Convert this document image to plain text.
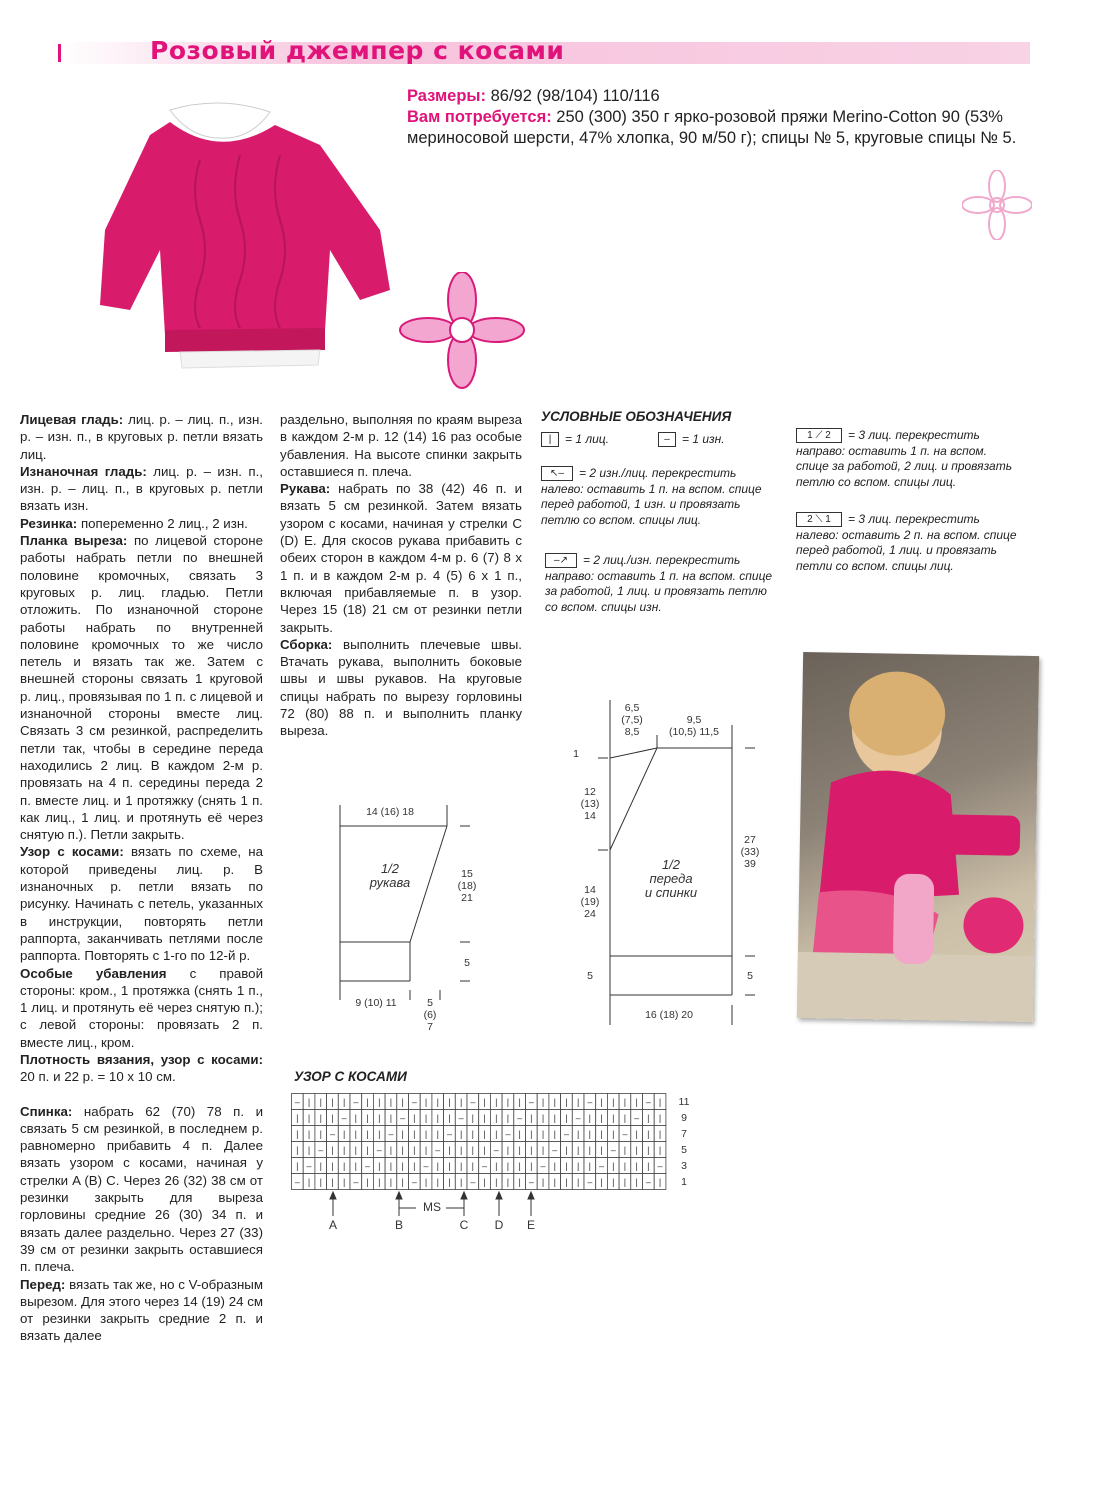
Розовый джемпер с косами
Размеры: 86/92 (98/104) 110/116
Вам потребуется: 250 (300) 350 г ярко-розовой пряжи Merino-Cotton 90 (53% мериносовой шерсти, 47% хлопка, 90 м/50 г); спицы № 5, круговые спицы № 5.

Лицевая гладь: лиц. р. – лиц. п., изн. р. – изн. п., в круговых р. петли вязать лиц.

Изнаночная гладь: лиц. р. – изн. п., изн. р. – лиц. п., в круговых р. петли вязать изн.

Резинка: попеременно 2 лиц., 2 изн.

Планка выреза: по лицевой стороне работы набрать петли по внешней половине кромочных, связать 3 круговых р. лиц. гладью. Петли отложить. По изнаночной стороне работы набрать по внутренней половине кромочных то же число петель и вязать так же. Затем с внешней стороны связать 1 круговой р. лиц., провязывая по 1 п. с лицевой и изнаночной стороны вместе лиц. Связать 3 см резинкой, распределить петли так, чтобы в середине переда находились 2 лиц. В каждом 2-м р. провязать на 4 п. середины переда 2 п. вместе лиц. и 1 протяжку (снять 1 п. как лиц., 1 лиц. и протянуть её через снятую п.). Петли закрыть.

Узор с косами: вязать по схеме, на которой приведены лиц. р. В изнаночных р. петли вязать по рисунку. Начинать с петель, указанных в инструкции, повторять петли раппорта, заканчивать петлями после раппорта. Повторять с 1-го по 12-й р.

Особые убавления с правой стороны: кром., 1 протяжка (снять 1 п., 1 лиц. и протянуть её через снятую п.); с левой стороны: провязать 2 п. вместе лиц., кром.

Плотность вязания, узор с косами: 20 п. и 22 р. = 10 x 10 см.

Спинка: набрать 62 (70) 78 п. и связать 5 см резинкой, в последнем р. равномерно прибавить 4 п. Далее вязать узором с косами, начиная у стрелки A (B) C. Через 26 (32) 38 см от резинки закрыть для выреза горловины средние 26 (30) 34 п. и вязать далее раздельно. Через 27 (33) 39 см от резинки закрыть оставшиеся п. плеча.

Перед: вязать так же, но с V-образным вырезом. Для этого через 14 (19) 24 см от резинки закрыть средние 2 п. и вязать далее

раздельно, выполняя по краям выреза в каждом 2-м р. 12 (14) 16 раз особые убавления. На высоте спинки закрыть оставшиеся п. плеча.

Рукава: набрать по 38 (42) 46 п. и вязать 5 см резинкой. Затем вязать узором с косами, начиная у стрелки C (D) E. Для скосов рукава прибавить с обеих сторон в каждом 4-м р. 6 (7) 8 x 1 п. и в каждом 2-м р. 4 (5) 6 x 1 п., включая прибавляемые п. в узор. Через 15 (18) 21 см от резинки петли закрыть.

Сборка: выполнить плечевые швы. Втачать рукава, выполнить боковые швы и швы рукавов. На круговые спицы набрать по вырезу горловины 72 (80) 88 п. и выполнить планку выреза.

УСЛОВНЫЕ ОБОЗНАЧЕНИЯ
| = 1 лиц.	– = 1 изн.
↖– = 2 изн./лиц. перекрестить налево: оставить 1 п. на вспом. спице перед работой, 1 изн. и провязать петлю со вспом. спицы лиц.
–↗ = 2 лиц./изн. перекрестить направо: оставить 1 п. на вспом. спице за работой, 1 лиц. и провязать петлю со вспом. спицы изн.
1 ⟋ 2 = 3 лиц. перекрестить направо: оставить 1 п. на вспом. спице за работой, 2 лиц. и провязать петлю со вспом. спицы лиц.
2 ⟍ 1 = 3 лиц. перекрестить налево: оставить 2 п. на вспом. спице перед работой, 1 лиц. и провязать петли со вспом. спицы лиц.
14 (16) 18
1/2
рукава
15
(18)
21
5
9 (10) 11	5
(6)
7
6,5
(7,5)
8,5
9,5
(10,5) 11,5
1
12
(13)
14
14
(19)
24
5
1/2
переда
и спинки
27
(33)
39
5
16 (18) 20
УЗОР С КОСАМИ
– | | | | – | | | | – | | | | – | | | | – | | | | – | | | | – |
| | | | – | | | | – | | | | – | | | | – | | | | – | | | | – | |
| | | – | | | | – | | | | – | | | | – | | | | – | | | | – | | |
| | – | | | | – | | | | – | | | | – | | | | – | | | | – | | | |
| – | | | | – | | | | – | | | | – | | | | – | | | | – | | | | –
– | | | | – | | | | – | | | | – | | | | – | | | | – | | | | – |
11
9
7
5
3
1
MS
A	B	C D E
